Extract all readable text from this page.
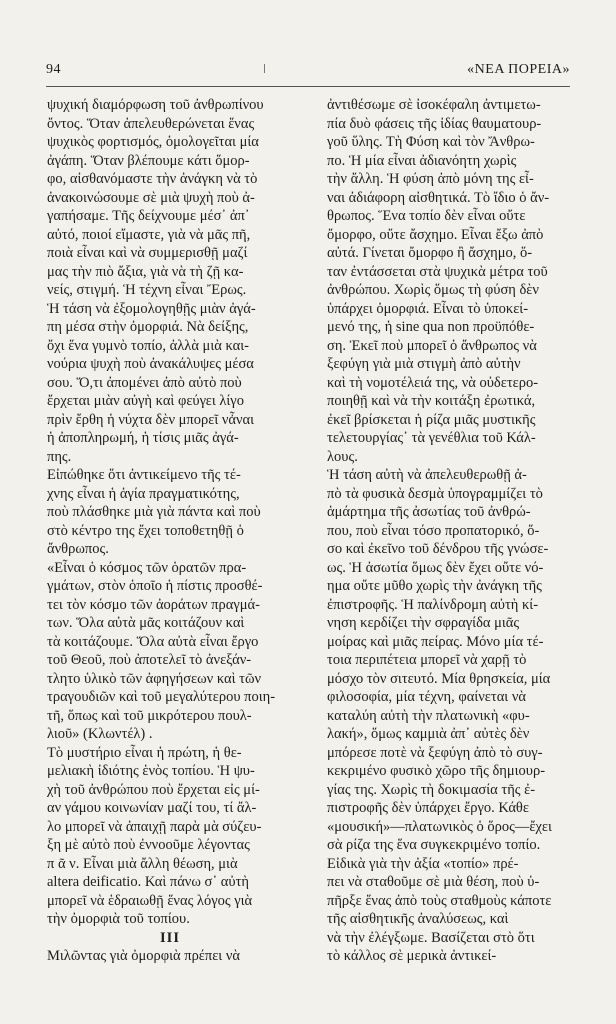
94	«ΝΕΑ ΠΟΡΕΙΑ»

ψυχική διαμόρφωση τοῦ ἀνθρωπίνου

ὄντος. Ὅταν ἀπελευθερώνεται ἕνας

ψυχικὸς φορτισμός, ὁμολογεῖται μία

ἀγάπη. Ὅταν βλέπουμε κάτι ὅμορ-

φο, αἰσθανόμαστε τὴν ἀνάγκη νὰ τὸ

ἀνακοινώσουμε σὲ μιὰ ψυχὴ ποὺ ἀ-

γαπήσαμε. Τῆς δείχνουμε μέσ᾽ ἀπ᾽

αὐτό, ποιοί εἴμαστε, γιὰ νὰ μᾶς πῆ,

ποιὰ εἶναι καὶ νὰ συμμερισθῇ μαζί

μας τὴν πιὸ ἄξια, γιὰ νὰ τὴ ζῇ κα-

νείς, στιγμή. Ἡ τέχνη εἶναι Ἔρως.

Ἡ τάση νὰ ἐξομολογηθῇς μιὰν ἀγά-

πη μέσα στὴν ὀμορφιά. Νὰ δείξης,

ὄχι ἕνα γυμνὸ τοπίο, ἀλλὰ μιὰ και-

νούρια ψυχὴ ποὺ ἀνακάλυψες μέσα

σου. Ὅ,τι ἀπομένει ἀπὸ αὐτὸ ποὺ

ἔρχεται μιὰν αὐγὴ καὶ φεύγει λίγο

πρὶν ἔρθη ἡ νύχτα δὲν μπορεῖ νἆναι

ἡ ἀποπληρωμή, ἡ τίσις μιᾶς ἀγά-

πης.

Εἰπώθηκε ὅτι ἀντικείμενο τῆς τέ-

χνης εἶναι ἡ ἁγία πραγματικότης,

ποὺ πλάσθηκε μιὰ γιὰ πάντα καὶ ποὺ

στὸ κέντρο της ἔχει τοποθετηθῇ ὁ

ἄνθρωπος.

«Εἶναι ὁ κόσμος τῶν ὁρατῶν πρα-

γμάτων, στὸν ὁποῖο ἡ πίστις προσθέ-

τει τὸν κόσμο τῶν ἀοράτων πραγμά-

των. Ὅλα αὐτὰ μᾶς κοιτάζουν καὶ

τὰ κοιτάζουμε. Ὅλα αὐτὰ εἶναι ἔργο

τοῦ Θεοῦ, ποὺ ἀποτελεῖ τὸ ἀνεξάν-

τλητο ὑλικὸ τῶν ἀφηγήσεων καὶ τῶν

τραγουδιῶν καὶ τοῦ μεγαλύτερου ποιη-

τῆ, ὅπως καὶ τοῦ μικρότερου πουλ-

λιοῦ» (Κλωντέλ) .

Τὸ μυστήριο εἶναι ἡ πρώτη, ἡ θε-

μελιακὴ ἰδιότης ἑνὸς τοπίου. Ἡ ψυ-

χὴ τοῦ ἀνθρώπου ποὺ ἔρχεται εἰς μί-

αν γάμου κοινωνίαν μαζί του, τί ἄλ-

λο μπορεῖ νὰ ἀπαιχῇ παρὰ μὰ σύζευ-

ξη μὲ αὐτὸ ποὺ ἐννοοῦμε λέγοντας

π ᾶ ν. Εἶναι μιὰ ἄλλη θέωση, μιὰ

altera deificatio. Καὶ πάνω σ᾽ αὐτὴ

μπορεῖ νὰ ἑδραιωθῇ ἕνας λόγος γιὰ

τὴν ὀμορφιὰ τοῦ τοπίου.

III

Μιλῶντας γιὰ ὀμορφιὰ πρέπει νὰ

ἀντιθέσωμε σὲ ἰσοκέφαλη ἀντιμετω-

πία δυὸ φάσεις τῆς ἰδίας θαυματουρ-

γοῦ ὕλης. Τὴ Φύση καὶ τὸν Ἄνθρω-

πο. Ἡ μία εἶναι ἀδιανόητη χωρὶς

τὴν ἄλλη. Ἡ φύση ἀπὸ μόνη της εἶ-

ναι ἀδιάφορη αἰσθητικά. Τὸ ἴδιο ὁ ἄν-

θρωπος. Ἕνα τοπίο δὲν εἶναι οὔτε

ὄμορφο, οὔτε ἄσχημο. Εἶναι ἔξω ἀπὸ

αὐτά. Γίνεται ὄμορφο ἢ ἄσχημο, ὅ-

ταν ἐντάσσεται στὰ ψυχικὰ μέτρα τοῦ

ἀνθρώπου. Χωρὶς ὅμως τὴ φύση δὲν

ὑπάρχει ὀμορφιά. Εἶναι τὸ ὑποκεί-

μενό της, ἡ sine qua non προϋπόθε-

ση. Ἐκεῖ ποὺ μπορεῖ ὁ ἄνθρωπος νὰ

ξεφύγη γιὰ μιὰ στιγμὴ ἀπὸ αὐτὴν

καὶ τὴ νομοτέλειά της, νὰ οὐδετερο-

ποιηθῇ καὶ νὰ τὴν κοιτάξη ἐρωτικά,

ἐκεῖ βρίσκεται ἡ ρίζα μιᾶς μυστικῆς

τελετουργίας᾽ τὰ γενέθλια τοῦ Κάλ-

λους.

Ἡ τάση αὐτὴ νὰ ἀπελευθερωθῇ ἀ-

πὸ τὰ φυσικὰ δεσμὰ ὑπογραμμίζει τὸ

ἁμάρτημα τῆς ἀσωτίας τοῦ ἀνθρώ-

που, ποὺ εἶναι τόσο προπατορικό, ὅ-

σο καὶ ἐκεῖνο τοῦ δένδρου τῆς γνώσε-

ως. Ἡ ἀσωτία ὅμως δὲν ἔχει οὔτε νό-

ημα οὔτε μῦθο χωρὶς τὴν ἀνάγκη τῆς

ἐπιστροφῆς. Ἡ παλίνδρομη αὐτὴ κί-

νηση κερδίζει τὴν σφραγίδα μιᾶς

μοίρας καὶ μιᾶς πείρας. Μόνο μία τέ-

τοια περιπέτεια μπορεῖ νὰ χαρῇ τὸ

μόσχο τὸν σιτευτό. Μία θρησκεία, μία

φιλοσοφία, μία τέχνη, φαίνεται νὰ

καταλύη αὐτὴ τὴν πλατωνικὴ «φυ-

λακή», ὅμως καμμιὰ ἀπ᾽ αὐτὲς δὲν

μπόρεσε ποτὲ νὰ ξεφύγη ἀπὸ τὸ συγ-

κεκριμένο φυσικὸ χῶρο τῆς δημιουρ-

γίας της. Χωρὶς τὴ δοκιμασία τῆς ἐ-

πιστροφῆς δὲν ὑπάρχει ἔργο. Κάθε

«μουσική»—πλατωνικὸς ὁ ὅρος—ἔχει

σὰ ρίζα της ἕνα συγκεκριμένο τοπίο.

Εἰδικὰ γιὰ τὴν ἀξία «τοπίο» πρέ-

πει νὰ σταθοῦμε σὲ μιὰ θέση, ποὺ ὑ-

πῆρξε ἕνας ἀπὸ τοὺς σταθμοὺς κάποτε

τῆς αἰσθητικῆς ἀναλύσεως, καὶ

νὰ τὴν ἐλέγξωμε. Βασίζεται στὸ ὅτι

τὸ κάλλος σὲ μερικὰ ἀντικεί-
